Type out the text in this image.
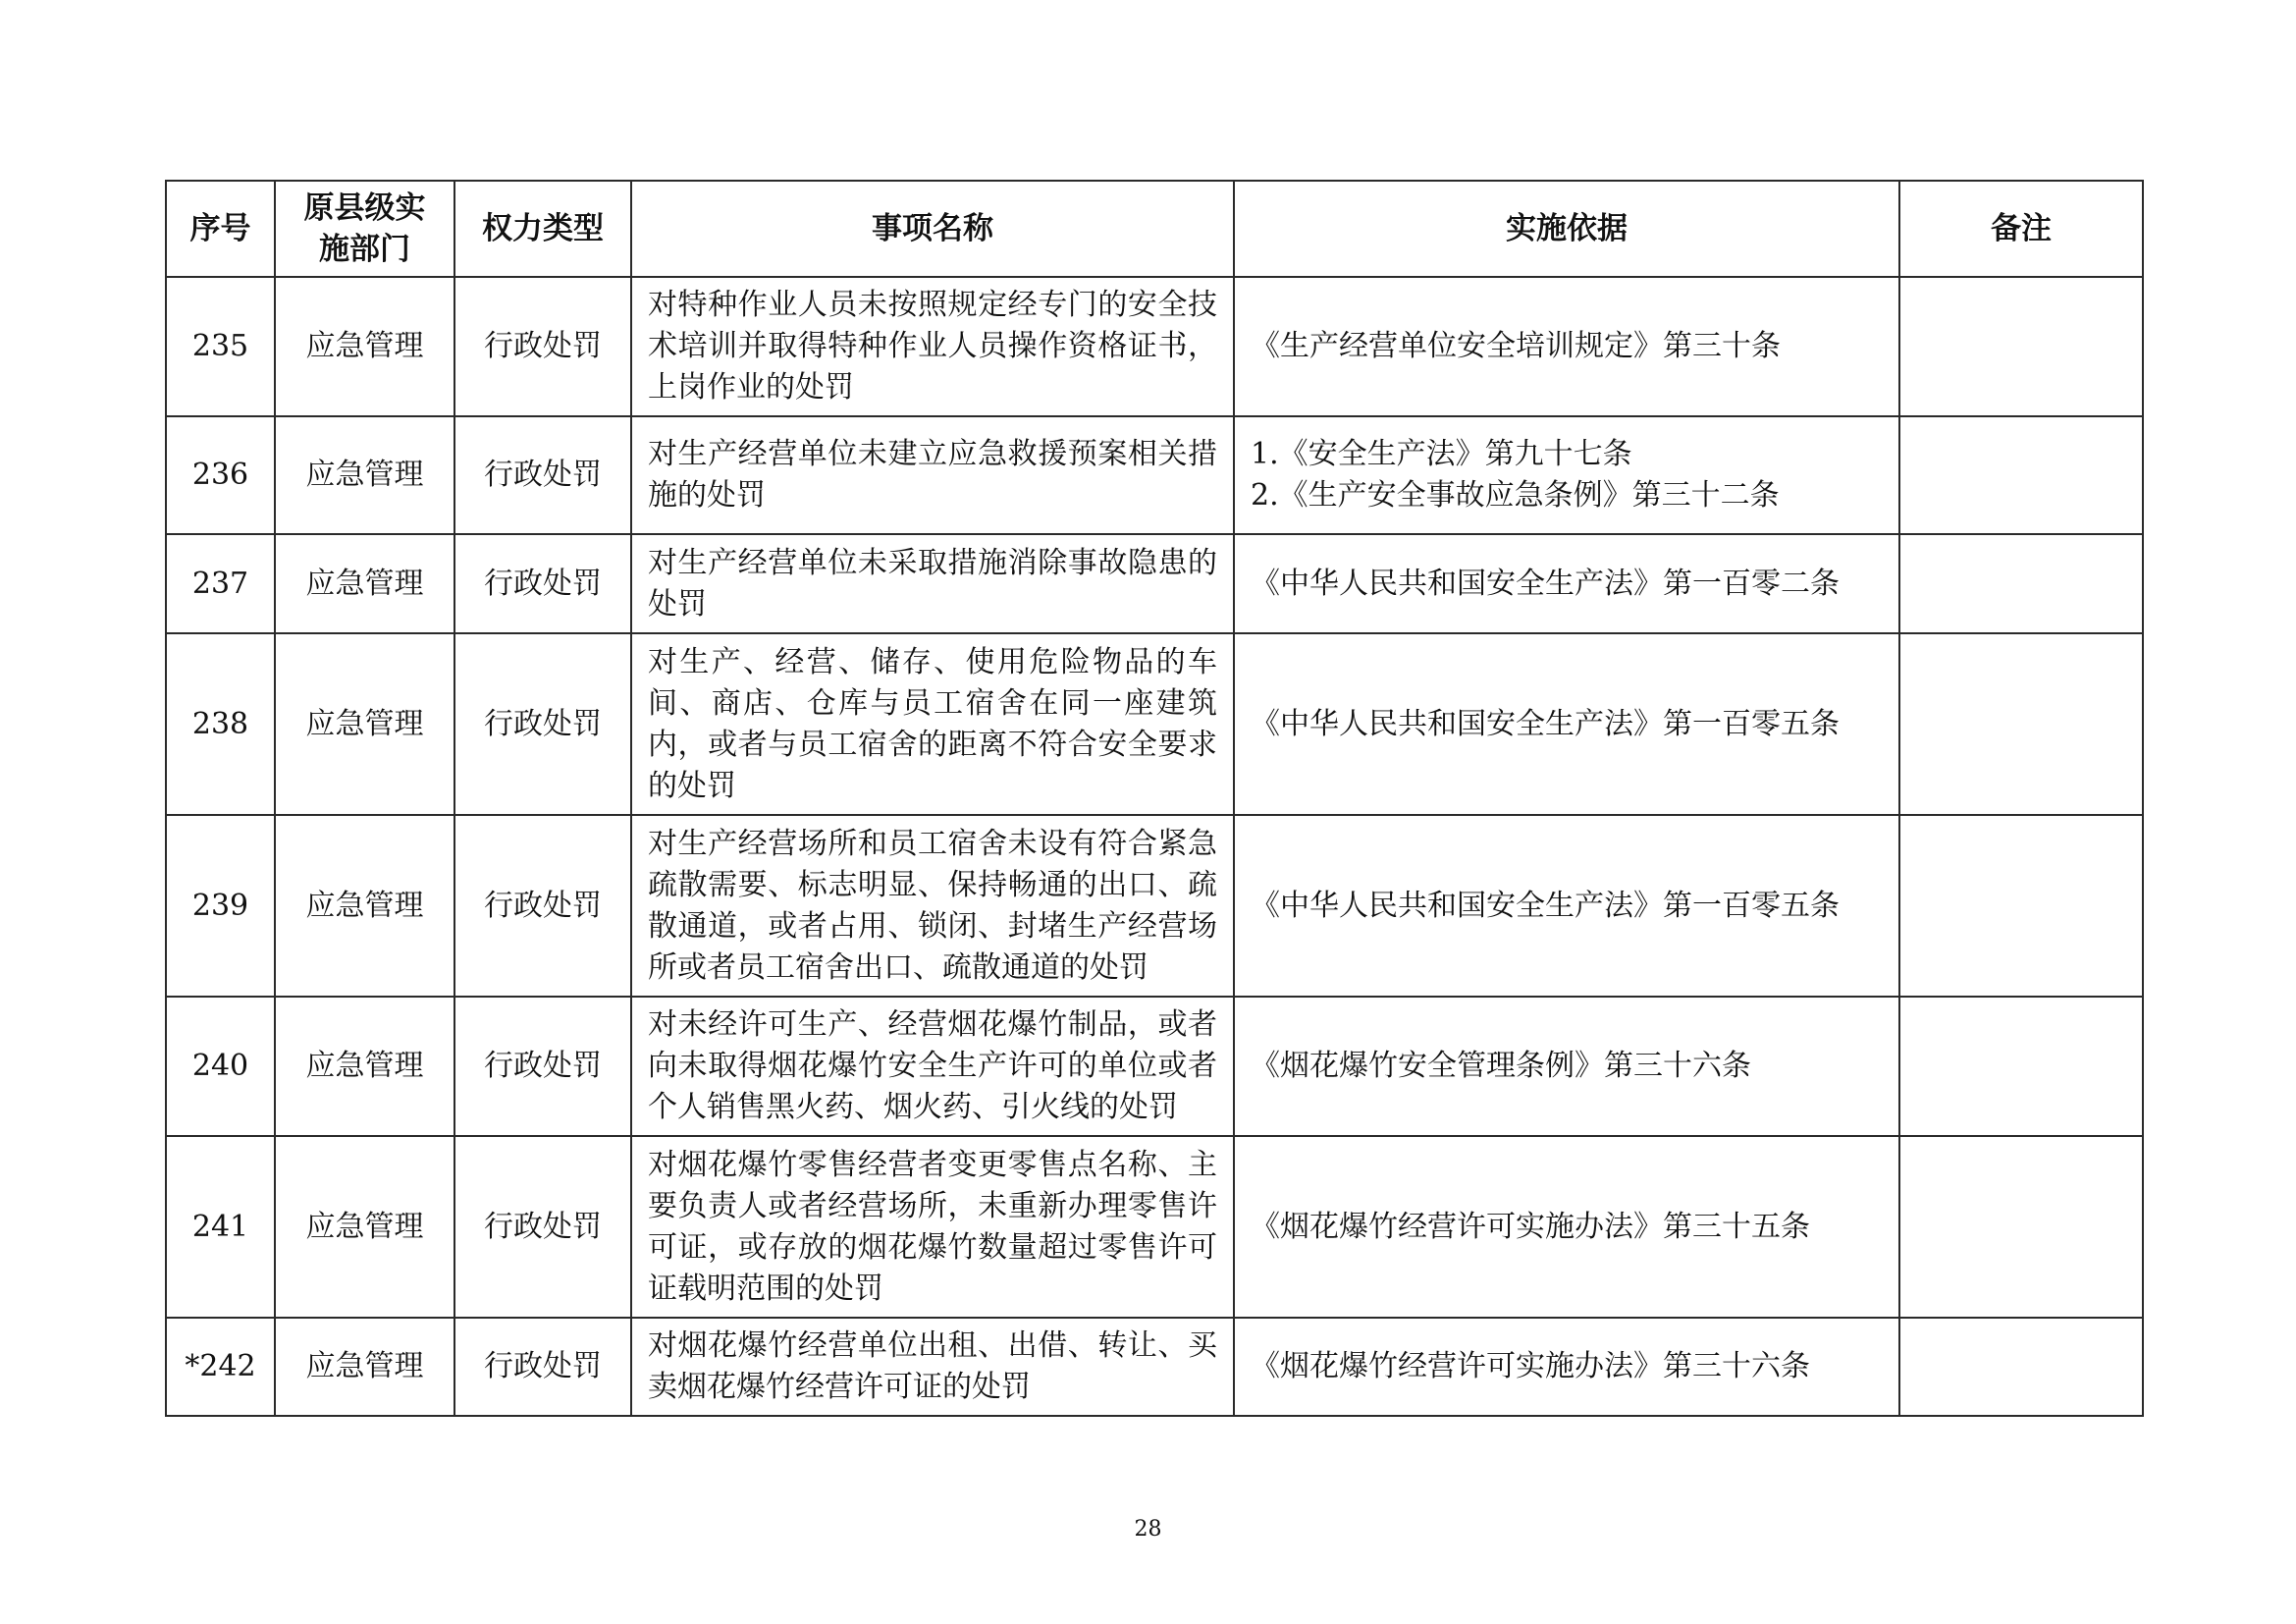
序号	原县级实施部门	权力类型	事项名称	实施依据	备注
235	应急管理	行政处罚	对特种作业人员未按照规定经专门的安全技术培训并取得特种作业人员操作资格证书，上岗作业的处罚	《生产经营单位安全培训规定》第三十条	

236	应急管理	行政处罚	对生产经营单位未建立应急救援预案相关措施的处罚	1.《安全生产法》第九十七条
2.《生产安全事故应急条例》第三十二条	

237	应急管理	行政处罚	对生产经营单位未采取措施消除事故隐患的处罚	《中华人民共和国安全生产法》第一百零二条	

238	应急管理	行政处罚	对生产、经营、储存、使用危险物品的车间、商店、仓库与员工宿舍在同一座建筑内，或者与员工宿舍的距离不符合安全要求的处罚	《中华人民共和国安全生产法》第一百零五条	

239	应急管理	行政处罚	对生产经营场所和员工宿舍未设有符合紧急疏散需要、标志明显、保持畅通的出口、疏散通道，或者占用、锁闭、封堵生产经营场所或者员工宿舍出口、疏散通道的处罚	《中华人民共和国安全生产法》第一百零五条	

240	应急管理	行政处罚	对未经许可生产、经营烟花爆竹制品，或者向未取得烟花爆竹安全生产许可的单位或者个人销售黑火药、烟火药、引火线的处罚	《烟花爆竹安全管理条例》第三十六条	

241	应急管理	行政处罚	对烟花爆竹零售经营者变更零售点名称、主要负责人或者经营场所，未重新办理零售许可证，或存放的烟花爆竹数量超过零售许可证载明范围的处罚	《烟花爆竹经营许可实施办法》第三十五条	

*242	应急管理	行政处罚	对烟花爆竹经营单位出租、出借、转让、买卖烟花爆竹经营许可证的处罚	《烟花爆竹经营许可实施办法》第三十六条	

28
